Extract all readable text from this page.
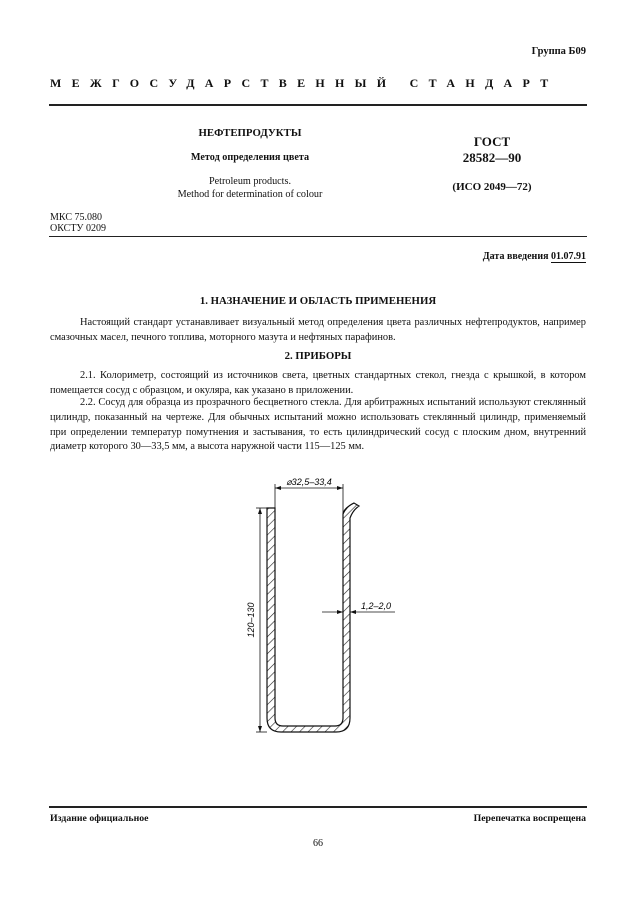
Группа Б09
МЕЖГОСУДАРСТВЕННЫЙ СТАНДАРТ
НЕФТЕПРОДУКТЫ
Метод определения цвета
Petroleum products.
Method for determination of colour
ГОСТ
28582—90
(ИСО 2049—72)
МКС 75.080
ОКСТУ 0209
Дата введения 01.07.91
1. НАЗНАЧЕНИЕ И ОБЛАСТЬ ПРИМЕНЕНИЯ
Настоящий стандарт устанавливает визуальный метод определения цвета различных нефтепродуктов, например смазочных масел, печного топлива, моторного мазута и нефтяных парафинов.
2. ПРИБОРЫ
2.1. Колориметр, состоящий из источников света, цветных стандартных стекол, гнезда с крышкой, в котором помещается сосуд с образцом, и окуляра, как указано в приложении.
2.2. Сосуд для образца из прозрачного бесцветного стекла. Для арбитражных испытаний используют стеклянный цилиндр, показанный на чертеже. Для обычных испытаний можно использовать стеклянный цилиндр, применяемый при определении температур помутнения и застывания, то есть цилиндрический сосуд с плоским дном, внутренний диаметр которого 30—33,5 мм, а высота наружной части 115—125 мм.
⌀32,5–33,4
120–130	1,2–2,0
Издание официальное	Перепечатка воспрещена
66
